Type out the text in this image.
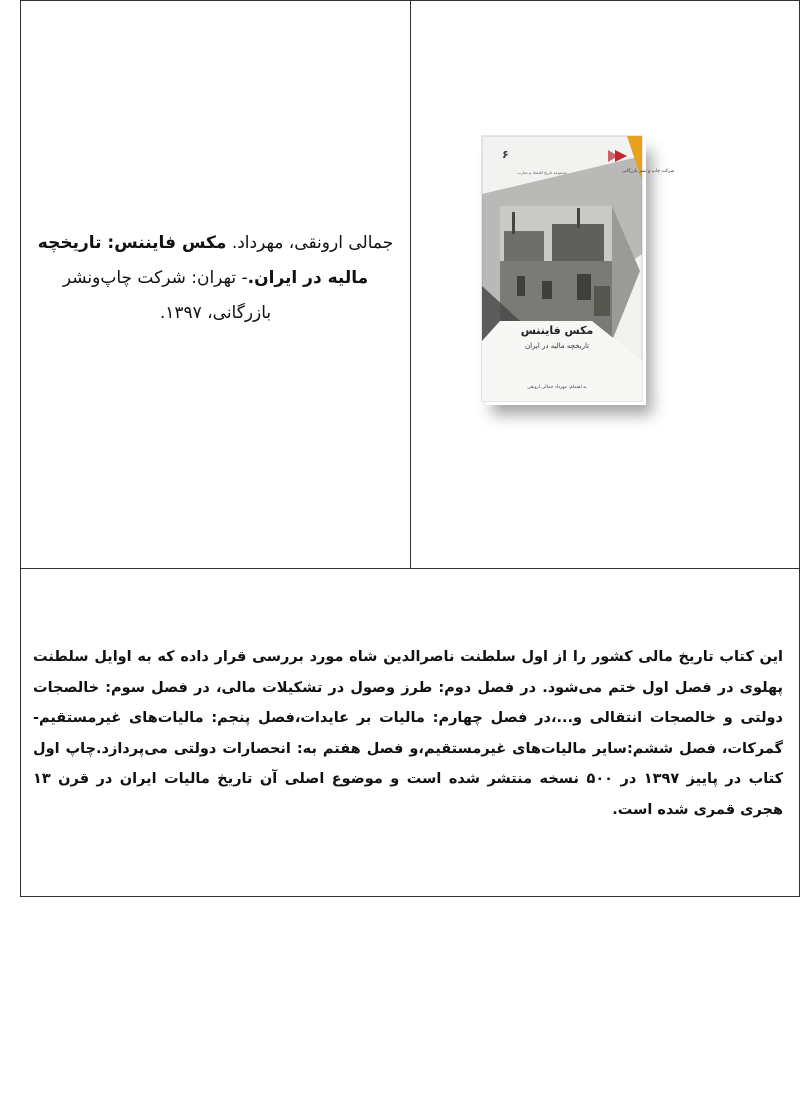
جمالی ارونقی، مهرداد. مکس فایننس: تاریخچه
مالیه در ایران.- تهران: شرکت چاپ‌ونشر
بازرگانی، ۱۳۹۷.
این کتاب تاریخ مالی کشور را از اول سلطنت ناصرالدین شاه مورد بررسی قرار داده که به اوایل سلطنت پهلوی در فصل اول ختم می‌شود. در فصل دوم: طرز وصول در تشکیلات مالی، در فصل سوم: خالصجات دولتی و خالصجات انتقالی و...،در فصل چهارم: مالیات بر عایدات،فصل پنجم: مالیات‌های غیرمستقیم-گمرکات، فصل ششم:سایر مالیات‌های غیرمستقیم،و فصل هفتم به: انحصارات دولتی می‌پردازد.چاپ اول کتاب در پاییز ۱۳۹۷ در ۵۰۰ نسخه منتشر شده است و موضوع اصلی آن تاریخ مالیات ایران در قرن ۱۳ هجری قمری شده است.
شرکت چاپ و نشر بازرگانی
۶
مجموعه تاریخ اقتصاد و تجارت
مکس فایننس
تاریخچه مالیه در ایران
به اهتمام: مهرداد جمالی ارونقی
